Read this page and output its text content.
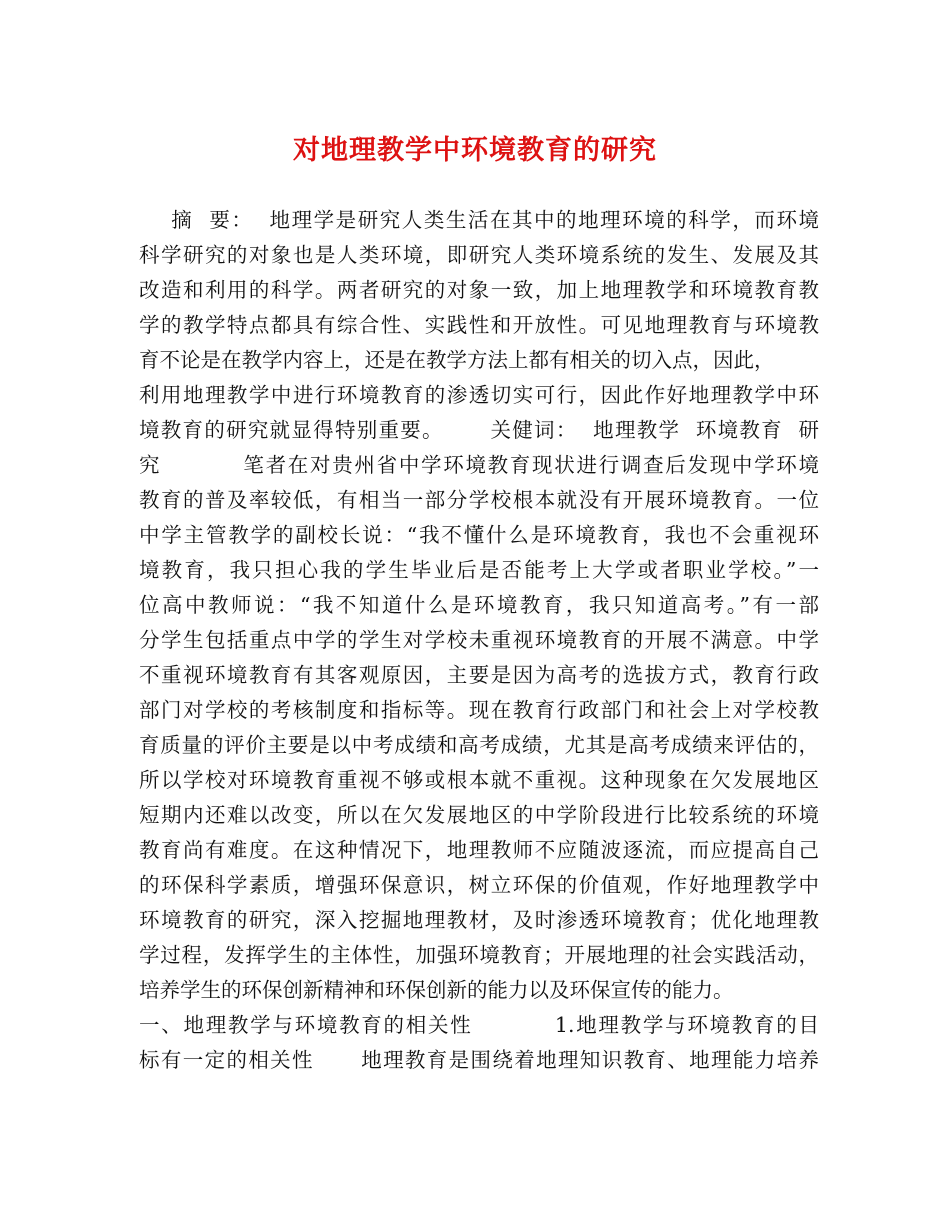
对地理教学中环境教育的研究
摘  要：  地理学是研究人类生活在其中的地理环境的科学，而环境
科学研究的对象也是人类环境，即研究人类环境系统的发生、发展及其
改造和利用的科学。两者研究的对象一致，加上地理教学和环境教育教
学的教学特点都具有综合性、实践性和开放性。可见地理教育与环境教
育不论是在教学内容上，还是在教学方法上都有相关的切入点，因此，
利用地理教学中进行环境教育的渗透切实可行，因此作好地理教学中环
境教育的研究就显得特别重要。      关健词：  地理教学  环境教育  研
究          笔者在对贵州省中学环境教育现状进行调查后发现中学环境
教育的普及率较低，有相当一部分学校根本就没有开展环境教育。一位
中学主管教学的副校长说：“我不懂什么是环境教育，我也不会重视环
境教育，我只担心我的学生毕业后是否能考上大学或者职业学校。”一
位高中教师说：“我不知道什么是环境教育，我只知道高考。”有一部
分学生包括重点中学的学生对学校未重视环境教育的开展不满意。中学
不重视环境教育有其客观原因，主要是因为高考的选拔方式，教育行政
部门对学校的考核制度和指标等。现在教育行政部门和社会上对学校教
育质量的评价主要是以中考成绩和高考成绩，尤其是高考成绩来评估的，
所以学校对环境教育重视不够或根本就不重视。这种现象在欠发展地区
短期内还难以改变，所以在欠发展地区的中学阶段进行比较系统的环境
教育尚有难度。在这种情况下，地理教师不应随波逐流，而应提高自己
的环保科学素质，增强环保意识，树立环保的价值观，作好地理教学中
环境教育的研究，深入挖掘地理教材，及时渗透环境教育；优化地理教
学过程，发挥学生的主体性，加强环境教育；开展地理的社会实践活动，
培养学生的环保创新精神和环保创新的能力以及环保宣传的能力。
一、地理教学与环境教育的相关性          1.地理教学与环境教育的目
标有一定的相关性      地理教育是围绕着地理知识教育、地理能力培养
